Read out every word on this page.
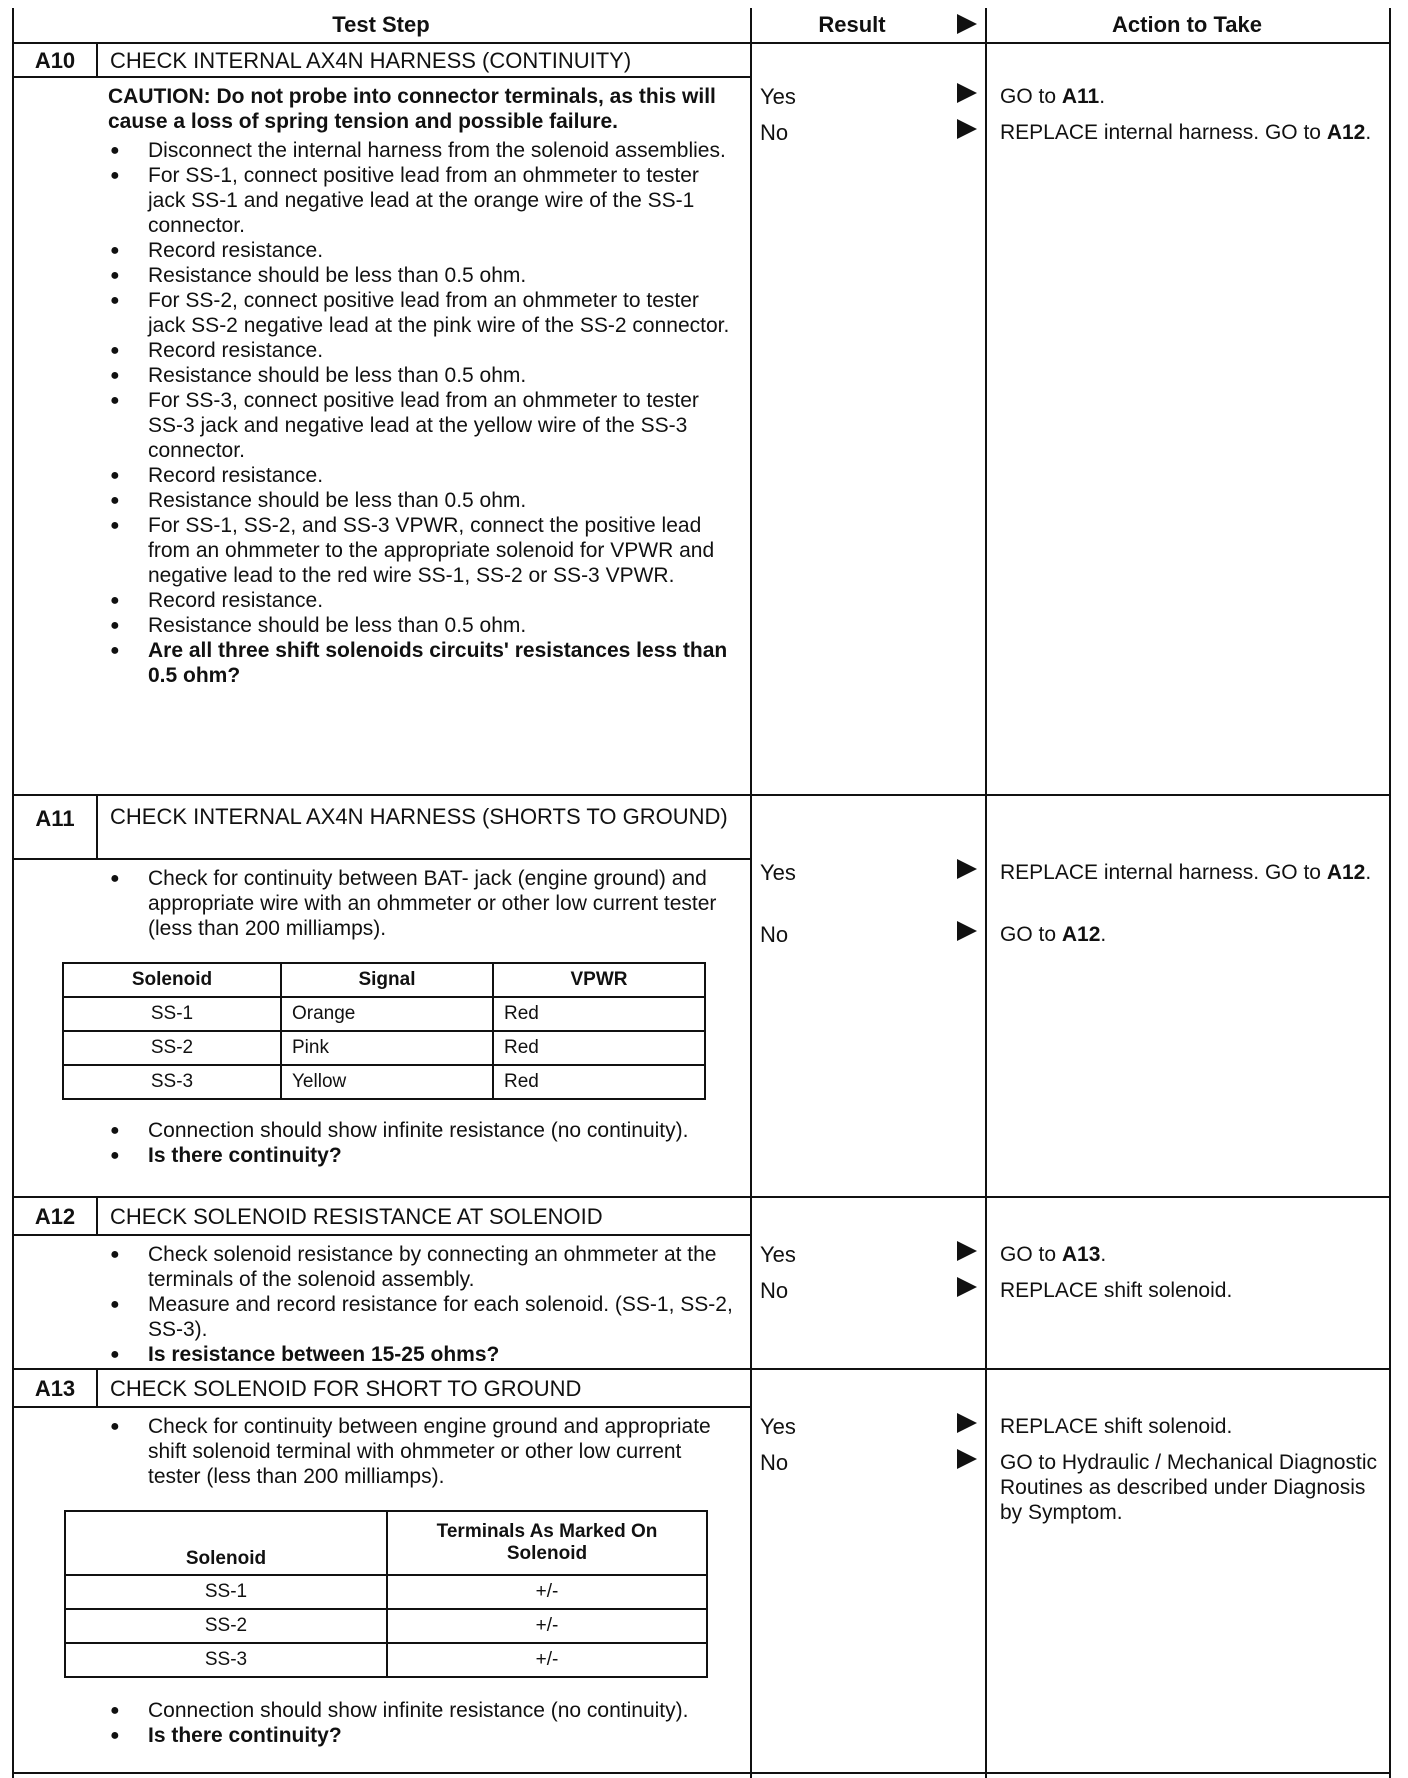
Test Step	Result	Action to Take
A10	CHECK INTERNAL AX4N HARNESS (CONTINUITY)
CAUTION: Do not probe into connector terminals, as this will cause a loss of spring tension and possible failure.
● Disconnect the internal harness from the solenoid assemblies.
● For SS-1, connect positive lead from an ohmmeter to tester jack SS-1 and negative lead at the orange wire of the SS-1 connector.
● Record resistance.
● Resistance should be less than 0.5 ohm.
● For SS-2, connect positive lead from an ohmmeter to tester jack SS-2 negative lead at the pink wire of the SS-2 connector.
● Record resistance.
● Resistance should be less than 0.5 ohm.
● For SS-3, connect positive lead from an ohmmeter to tester SS-3 jack and negative lead at the yellow wire of the SS-3 connector.
● Record resistance.
● Resistance should be less than 0.5 ohm.
● For SS-1, SS-2, and SS-3 VPWR, connect the positive lead from an ohmmeter to the appropriate solenoid for VPWR and negative lead to the red wire SS-1, SS-2 or SS-3 VPWR.
● Record resistance.
● Resistance should be less than 0.5 ohm.
● Are all three shift solenoids circuits' resistances less than 0.5 ohm?
Yes	GO to A11.
No	REPLACE internal harness. GO to A12.
A11	CHECK INTERNAL AX4N HARNESS (SHORTS TO GROUND)
● Check for continuity between BAT- jack (engine ground) and appropriate wire with an ohmmeter or other low current tester (less than 200 milliamps).
Solenoid	Signal	VPWR
SS-1	Orange	Red
SS-2	Pink	Red
SS-3	Yellow	Red
● Connection should show infinite resistance (no continuity).
● Is there continuity?
Yes	REPLACE internal harness. GO to A12.
No	GO to A12.
A12	CHECK SOLENOID RESISTANCE AT SOLENOID
● Check solenoid resistance by connecting an ohmmeter at the terminals of the solenoid assembly.
● Measure and record resistance for each solenoid. (SS-1, SS-2, SS-3).
● Is resistance between 15-25 ohms?
Yes	GO to A13.
No	REPLACE shift solenoid.
A13	CHECK SOLENOID FOR SHORT TO GROUND
● Check for continuity between engine ground and appropriate shift solenoid terminal with ohmmeter or other low current tester (less than 200 milliamps).
Solenoid	Terminals As Marked On Solenoid
SS-1	+/-
SS-2	+/-
SS-3	+/-
● Connection should show infinite resistance (no continuity).
● Is there continuity?
Yes	REPLACE shift solenoid.
No	GO to Hydraulic / Mechanical Diagnostic Routines as described under Diagnosis by Symptom.
